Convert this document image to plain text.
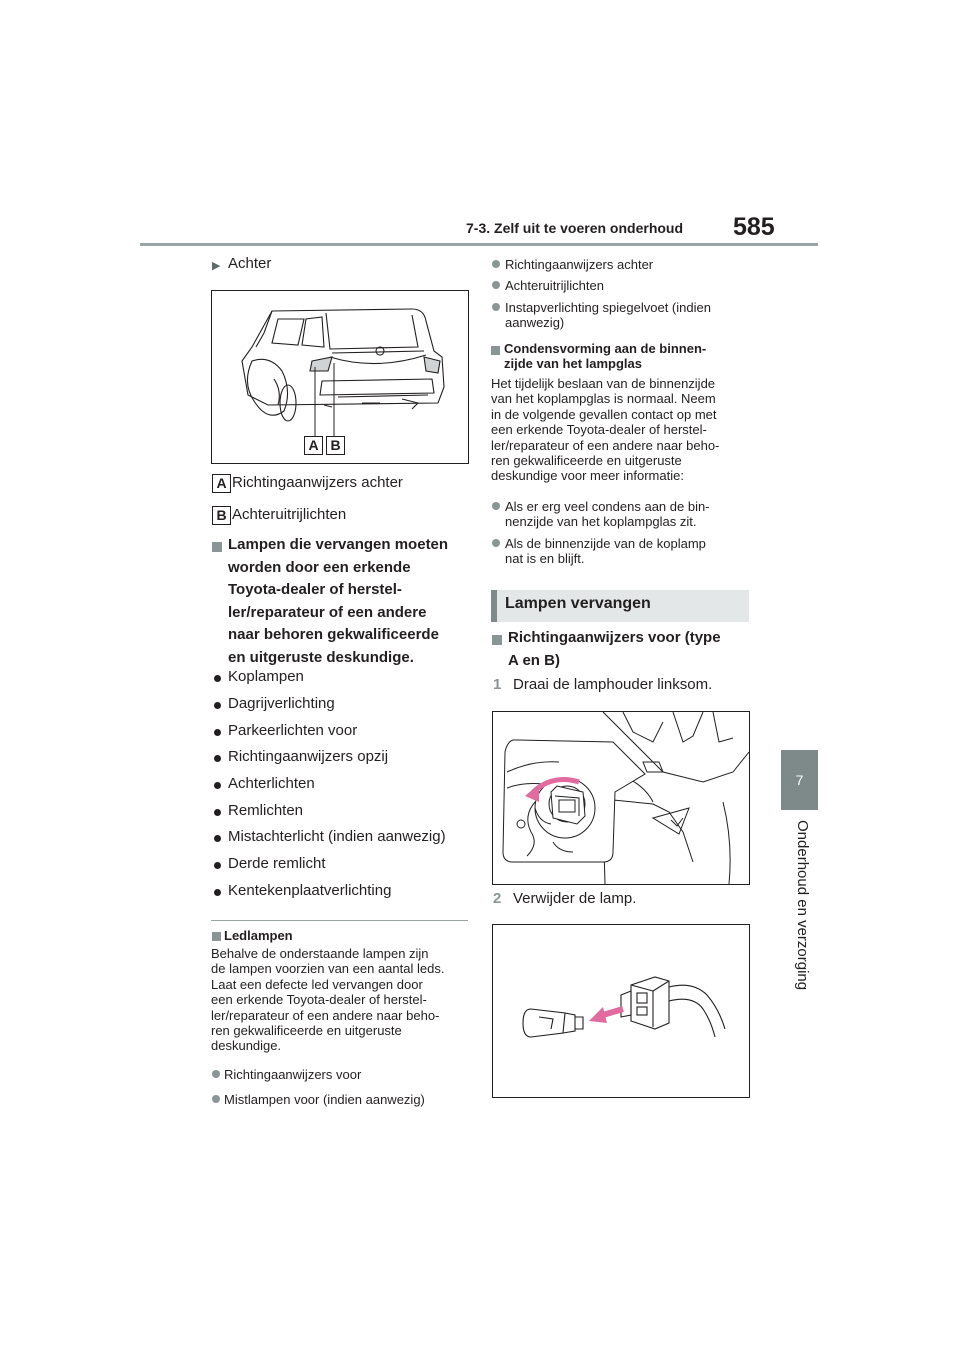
7-3. Zelf uit te voeren onderhoud 585
7
Onderhoud en verzorging
▶ Achter
A B
A Richtingaanwijzers achter
B Achteruitrijlichten
Lampen die vervangen moeten
worden door een erkende
Toyota-dealer of herstel-
ler/reparateur of een andere
naar behoren gekwalificeerde
en uitgeruste deskundige.
Koplampen
Dagrijverlichting
Parkeerlichten voor
Richtingaanwijzers opzij
Achterlichten
Remlichten
Mistachterlicht (indien aanwezig)
Derde remlicht
Kentekenplaatverlichting
Ledlampen
Behalve de onderstaande lampen zijn
de lampen voorzien van een aantal leds.
Laat een defecte led vervangen door
een erkende Toyota-dealer of herstel-
ler/reparateur of een andere naar beho-
ren gekwalificeerde en uitgeruste
deskundige.
Richtingaanwijzers voor
Mistlampen voor (indien aanwezig)
Richtingaanwijzers achter
Achteruitrijlichten
Instapverlichting spiegelvoet (indien
aanwezig)
Condensvorming aan de binnen-
zijde van het lampglas
Het tijdelijk beslaan van de binnenzijde
van het koplampglas is normaal. Neem
in de volgende gevallen contact op met
een erkende Toyota-dealer of herstel-
ler/reparateur of een andere naar beho-
ren gekwalificeerde en uitgeruste
deskundige voor meer informatie:
Als er erg veel condens aan de bin-
nenzijde van het koplampglas zit.
Als de binnenzijde van de koplamp
nat is en blijft.
Lampen vervangen
Richtingaanwijzers voor (type
A en B)
1 Draai de lamphouder linksom.
2 Verwijder de lamp.
